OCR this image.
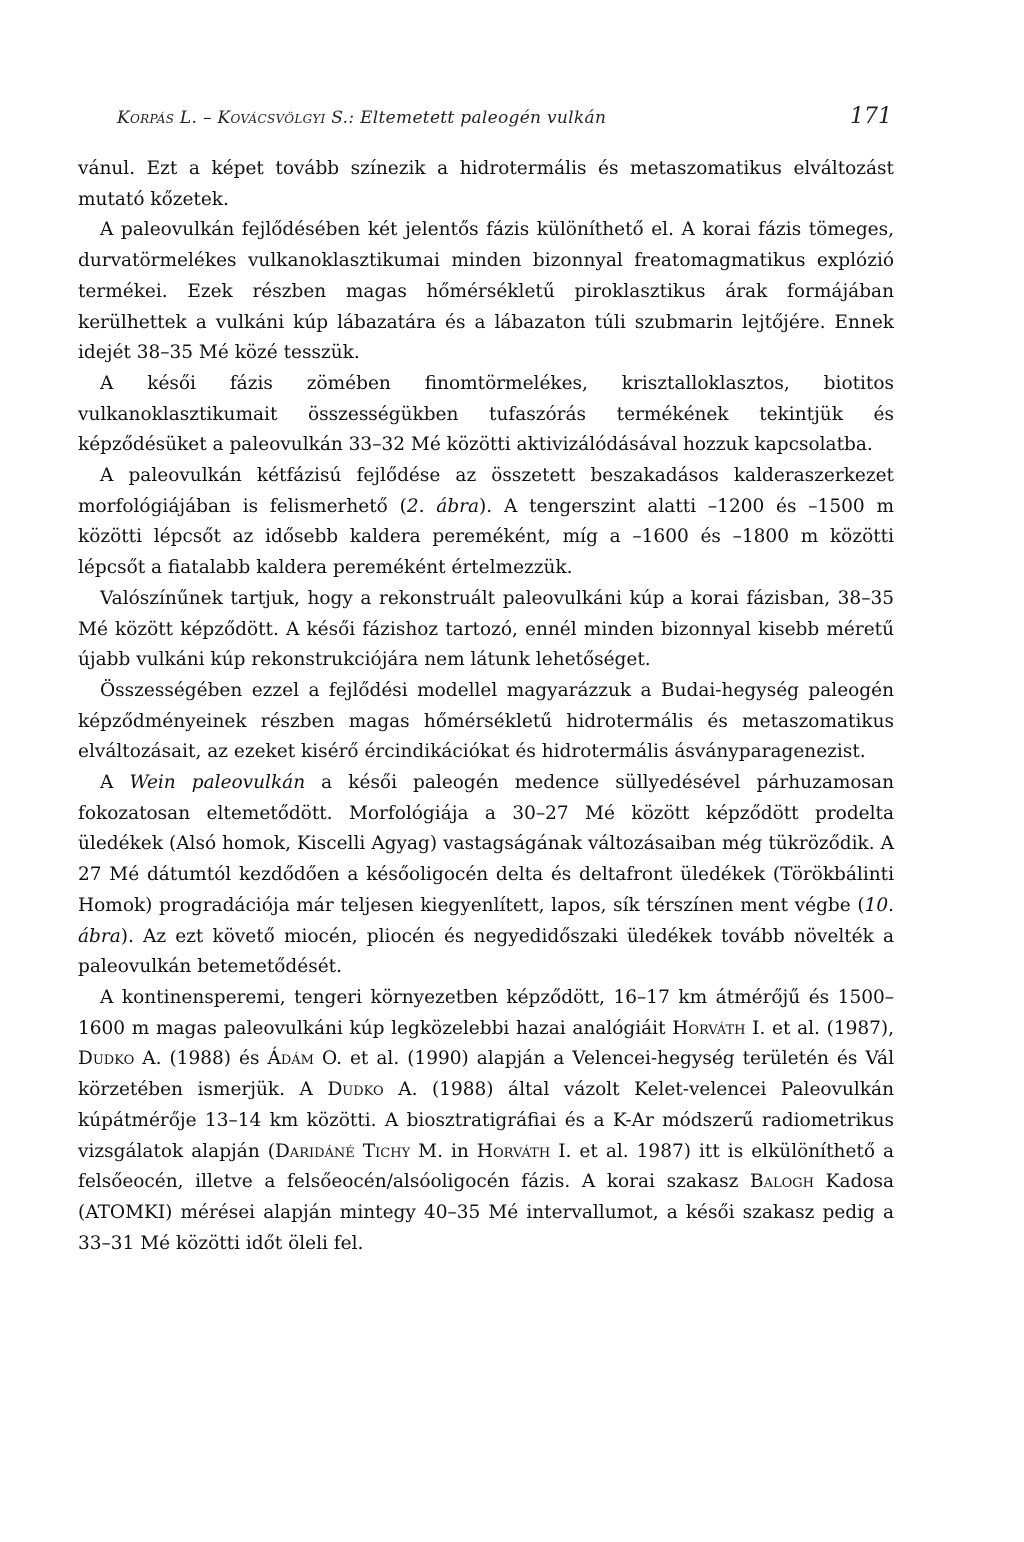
Korpás L. – Kovácsvölgyi S.: Eltemetett paleogén vulkán	171

vánul. Ezt a képet tovább színezik a hidrotermális és metaszomatikus elváltozást mutató kőzetek.

A paleovulkán fejlődésében két jelentős fázis különíthető el. A korai fázis tömeges, durvatörmelékes vulkanoklasztikumai minden bizonnyal freatomagmatikus explózió termékei. Ezek részben magas hőmérsékletű piroklasztikus árak formájában kerülhettek a vulkáni kúp lábazatára és a lábazaton túli szubmarin lejtőjére. Ennek idejét 38–35 Mé közé tesszük.

A késői fázis zömében finomtörmelékes, krisztalloklasztos, biotitos vulkanoklasztikumait összességükben tufaszórás termékének tekintjük és képződésüket a paleovulkán 33–32 Mé közötti aktivizálódásával hozzuk kapcsolatba.

A paleovulkán kétfázisú fejlődése az összetett beszakadásos kalderaszerkezet morfológiájában is felismerhető (2. ábra). A tengerszint alatti –1200 és –1500 m közötti lépcsőt az idősebb kaldera pereméként, míg a –1600 és –1800 m közötti lépcsőt a fiatalabb kaldera pereméként értelmezzük.

Valószínűnek tartjuk, hogy a rekonstruált paleovulkáni kúp a korai fázisban, 38–35 Mé között képződött. A késői fázishoz tartozó, ennél minden bizonnyal kisebb méretű újabb vulkáni kúp rekonstrukciójára nem látunk lehetőséget.

Összességében ezzel a fejlődési modellel magyarázzuk a Budai-hegység paleogén képződményeinek részben magas hőmérsékletű hidrotermális és metaszomatikus elváltozásait, az ezeket kisérő ércindikációkat és hidrotermális ásványparagenezist.

A Wein paleovulkán a késői paleogén medence süllyedésével párhuzamosan fokozatosan eltemetődött. Morfológiája a 30–27 Mé között képződött prodelta üledékek (Alsó homok, Kiscelli Agyag) vastagságának változásaiban még tükröződik. A 27 Mé dátumtól kezdődően a későoligocén delta és deltafront üledékek (Törökbálinti Homok) progradációja már teljesen kiegyenlített, lapos, sík térszínen ment végbe (10. ábra). Az ezt követő miocén, pliocén és negyedidőszaki üledékek tovább növelték a paleovulkán betemetődését.

A kontinensperemi, tengeri környezetben képződött, 16–17 km átmérőjű és 1500–1600 m magas paleovulkáni kúp legközelebbi hazai analógiáit Horváth I. et al. (1987), Dudko A. (1988) és Ádám O. et al. (1990) alapján a Velencei-hegység területén és Vál körzetében ismerjük. A Dudko A. (1988) által vázolt Kelet-velencei Paleovulkán kúpátmérője 13–14 km közötti. A biosztratigráfiai és a K-Ar módszerű radiometrikus vizsgálatok alapján (Daridáné Tichy M. in Horváth I. et al. 1987) itt is elkülöníthető a felsőeocén, illetve a felsőeocén/alsóoligocén fázis. A korai szakasz Balogh Kadosa (ATOMKI) mérései alapján mintegy 40–35 Mé intervallumot, a késői szakasz pedig a 33–31 Mé közötti időt öleli fel.
